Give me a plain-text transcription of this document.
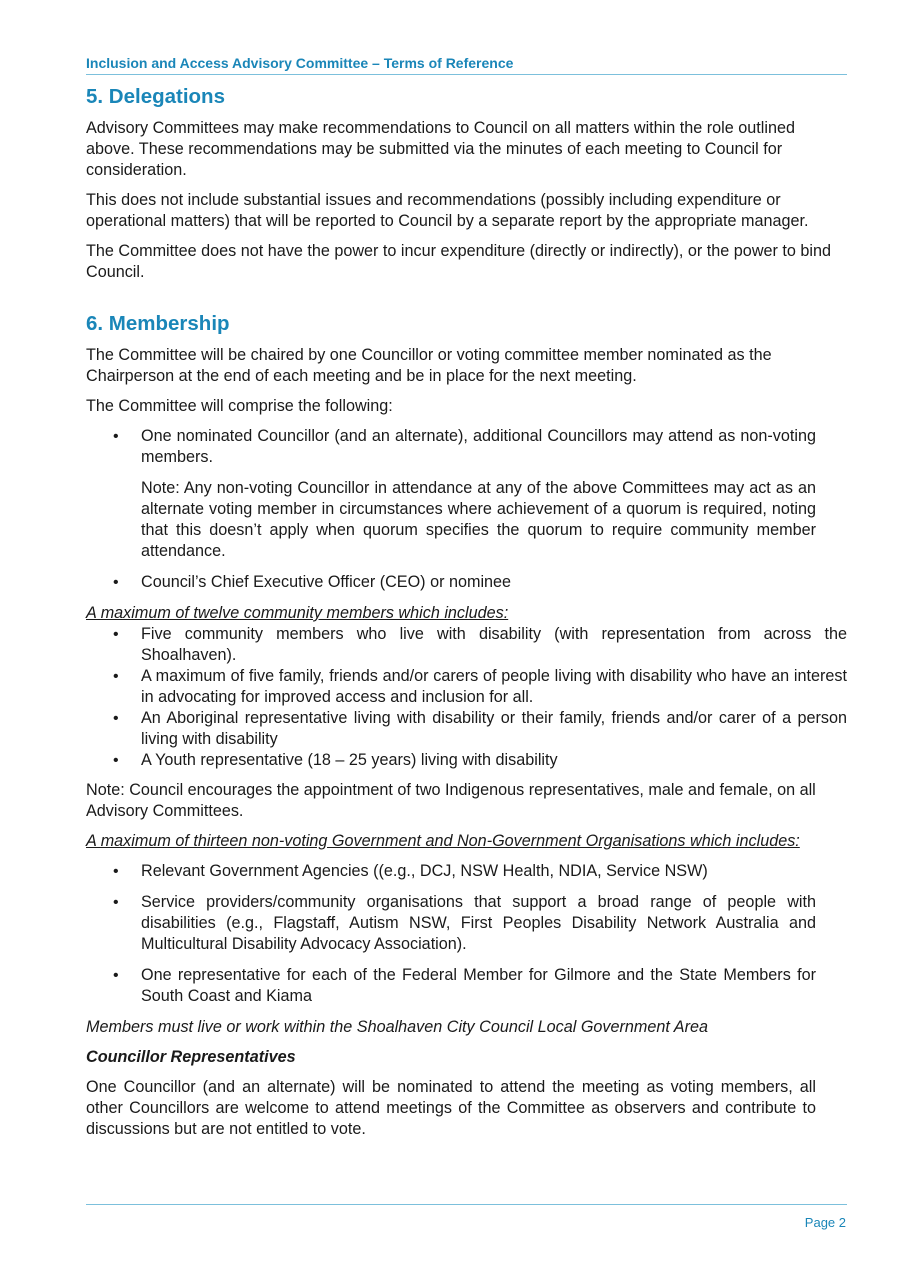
Inclusion and Access Advisory Committee – Terms of Reference
5. Delegations

Advisory Committees may make recommendations to Council on all matters within the role outlined above. These recommendations may be submitted via the minutes of each meeting to Council for consideration.

This does not include substantial issues and recommendations (possibly including expenditure or operational matters) that will be reported to Council by a separate report by the appropriate manager.

The Committee does not have the power to incur expenditure (directly or indirectly), or the power to bind Council.

6. Membership

The Committee will be chaired by one Councillor or voting committee member nominated as the Chairperson at the end of each meeting and be in place for the next meeting.

The Committee will comprise the following:

• One nominated Councillor (and an alternate), additional Councillors may attend as non-voting members.
Note: Any non-voting Councillor in attendance at any of the above Committees may act as an alternate voting member in circumstances where achievement of a quorum is required, noting that this doesn’t apply when quorum specifies the quorum to require community member attendance.
• Council’s Chief Executive Officer (CEO) or nominee

A maximum of twelve community members which includes:

• Five community members who live with disability (with representation from across the Shoalhaven).
• A maximum of five family, friends and/or carers of people living with disability who have an interest in advocating for improved access and inclusion for all.
• An Aboriginal representative living with disability or their family, friends and/or carer of a person living with disability
• A Youth representative (18 – 25 years) living with disability

Note: Council encourages the appointment of two Indigenous representatives, male and female, on all Advisory Committees.

A maximum of thirteen non-voting Government and Non-Government Organisations which includes:

• Relevant Government Agencies ((e.g., DCJ, NSW Health, NDIA, Service NSW)
• Service providers/community organisations that support a broad range of people with disabilities (e.g., Flagstaff, Autism NSW, First Peoples Disability Network Australia and Multicultural Disability Advocacy Association).
• One representative for each of the Federal Member for Gilmore and the State Members for South Coast and Kiama

Members must live or work within the Shoalhaven City Council Local Government Area

Councillor Representatives

One Councillor (and an alternate) will be nominated to attend the meeting as voting members, all other Councillors are welcome to attend meetings of the Committee as observers and contribute to discussions but are not entitled to vote.

Page 2
